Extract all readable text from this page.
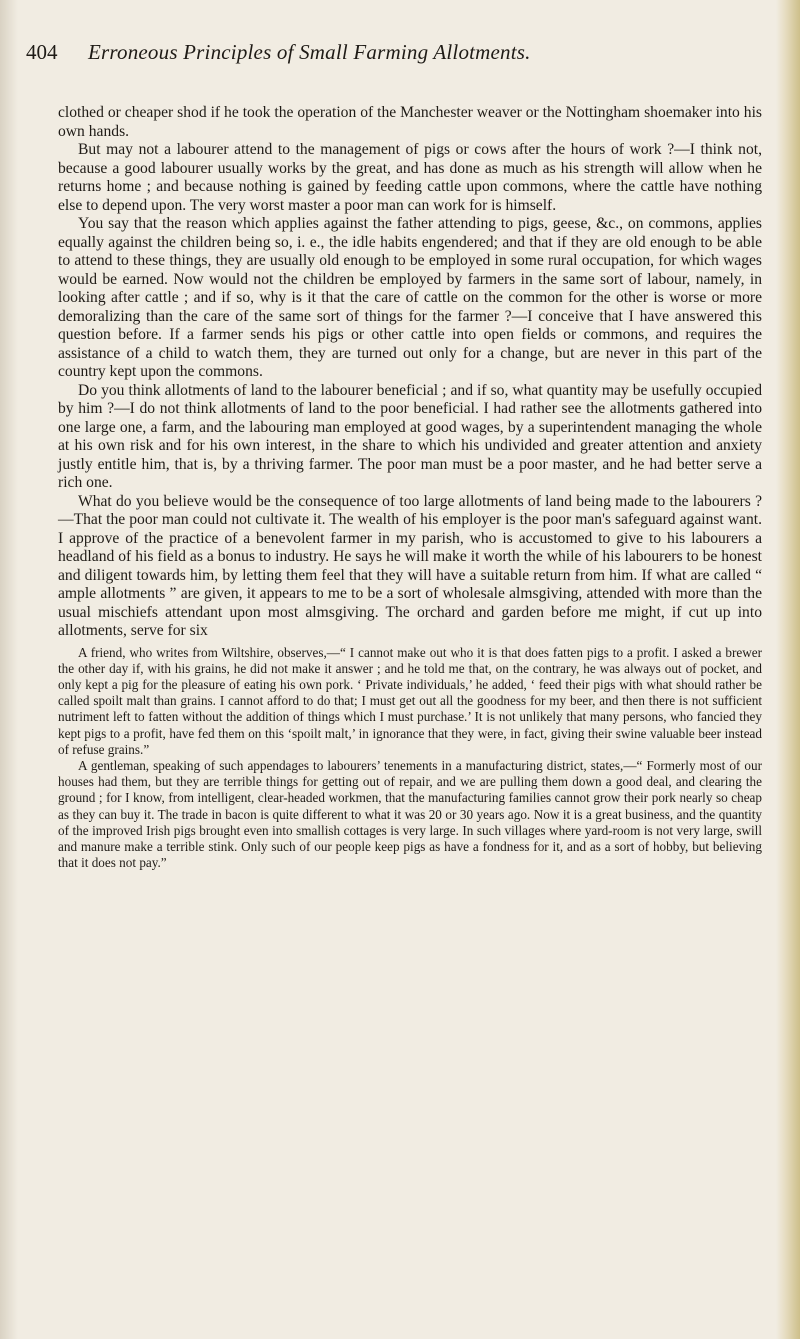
404	Erroneous Principles of Small Farming Allotments.

clothed or cheaper shod if he took the operation of the Manchester weaver or the Nottingham shoemaker into his own hands.

But may not a labourer attend to the management of pigs or cows after the hours of work ?—I think not, because a good labourer usually works by the great, and has done as much as his strength will allow when he returns home ; and because nothing is gained by feeding cattle upon commons, where the cattle have nothing else to depend upon. The very worst master a poor man can work for is himself.

You say that the reason which applies against the father attending to pigs, geese, &c., on commons, applies equally against the children being so, i. e., the idle habits engendered; and that if they are old enough to be able to attend to these things, they are usually old enough to be employed in some rural occupation, for which wages would be earned. Now would not the children be employed by farmers in the same sort of labour, namely, in looking after cattle ; and if so, why is it that the care of cattle on the common for the other is worse or more demoralizing than the care of the same sort of things for the farmer ?—I conceive that I have answered this question before. If a farmer sends his pigs or other cattle into open fields or commons, and requires the assistance of a child to watch them, they are turned out only for a change, but are never in this part of the country kept upon the commons.

Do you think allotments of land to the labourer beneficial ; and if so, what quantity may be usefully occupied by him ?—I do not think allotments of land to the poor beneficial. I had rather see the allotments gathered into one large one, a farm, and the labouring man employed at good wages, by a superintendent managing the whole at his own risk and for his own interest, in the share to which his undivided and greater attention and anxiety justly entitle him, that is, by a thriving farmer. The poor man must be a poor master, and he had better serve a rich one.

What do you believe would be the consequence of too large allotments of land being made to the labourers ?—That the poor man could not cultivate it. The wealth of his employer is the poor man's safeguard against want. I approve of the practice of a benevolent farmer in my parish, who is accustomed to give to his labourers a headland of his field as a bonus to industry. He says he will make it worth the while of his labourers to be honest and diligent towards him, by letting them feel that they will have a suitable return from him. If what are called “ ample allotments ” are given, it appears to me to be a sort of wholesale almsgiving, attended with more than the usual mischiefs attendant upon most almsgiving. The orchard and garden before me might, if cut up into allotments, serve for six

A friend, who writes from Wiltshire, observes,—“ I cannot make out who it is that does fatten pigs to a profit. I asked a brewer the other day if, with his grains, he did not make it answer ; and he told me that, on the contrary, he was always out of pocket, and only kept a pig for the pleasure of eating his own pork. ‘ Private individuals,’ he added, ‘ feed their pigs with what should rather be called spoilt malt than grains. I cannot afford to do that; I must get out all the goodness for my beer, and then there is not sufficient nutriment left to fatten without the addition of things which I must purchase.’ It is not unlikely that many persons, who fancied they kept pigs to a profit, have fed them on this ‘spoilt malt,’ in ignorance that they were, in fact, giving their swine valuable beer instead of refuse grains.”

A gentleman, speaking of such appendages to labourers’ tenements in a manufacturing district, states,—“ Formerly most of our houses had them, but they are terrible things for getting out of repair, and we are pulling them down a good deal, and clearing the ground ; for I know, from intelligent, clear-headed workmen, that the manufacturing families cannot grow their pork nearly so cheap as they can buy it. The trade in bacon is quite different to what it was 20 or 30 years ago. Now it is a great business, and the quantity of the improved Irish pigs brought even into smallish cottages is very large. In such villages where yard-room is not very large, swill and manure make a terrible stink. Only such of our people keep pigs as have a fondness for it, and as a sort of hobby, but believing that it does not pay.”
